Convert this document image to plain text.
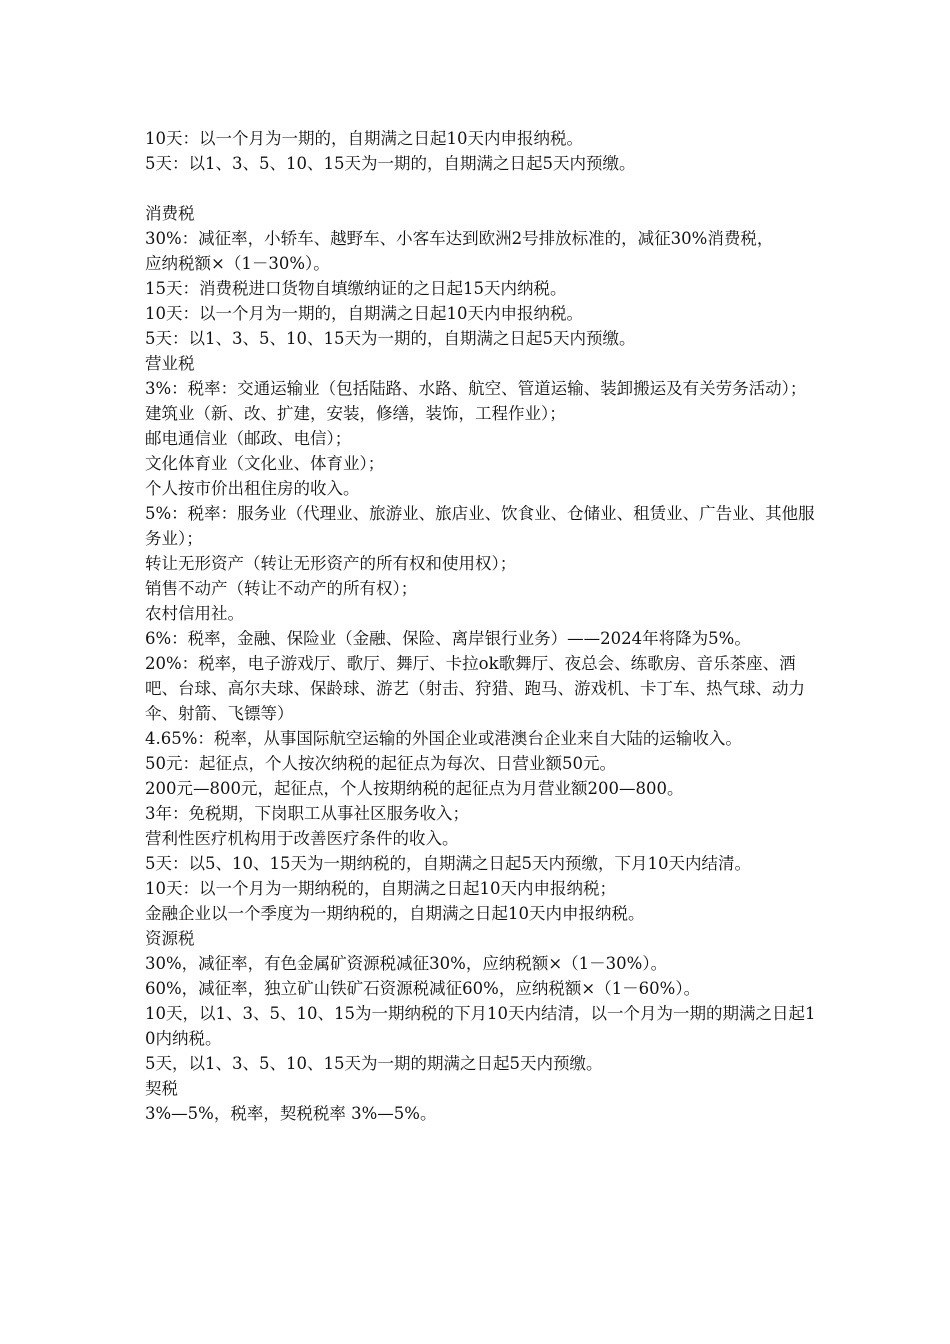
10天：以一个月为一期的，自期满之日起10天内申报纳税。

5天：以1、3、5、10、15天为一期的，自期满之日起5天内预缴。

消费税

30%：减征率，小轿车、越野车、小客车达到欧洲2号排放标准的，减征30%消费税，

应纳税额×（1－30%）。

15天：消费税进口货物自填缴纳证的之日起15天内纳税。

10天：以一个月为一期的，自期满之日起10天内申报纳税。

5天：以1、3、5、10、15天为一期的，自期满之日起5天内预缴。

营业税

3%：税率：交通运输业（包括陆路、水路、航空、管道运输、装卸搬运及有关劳务活动）；

建筑业（新、改、扩建，安装，修缮，装饰，工程作业）；

邮电通信业（邮政、电信）；

文化体育业（文化业、体育业）；

个人按市价出租住房的收入。

5%：税率：服务业（代理业、旅游业、旅店业、饮食业、仓储业、租赁业、广告业、其他服务业）；

转让无形资产（转让无形资产的所有权和使用权）；

销售不动产（转让不动产的所有权）；

农村信用社。

6%：税率，金融、保险业（金融、保险、离岸银行业务）——2024年将降为5%。

20%：税率，电子游戏厅、歌厅、舞厅、卡拉ok歌舞厅、夜总会、练歌房、音乐茶座、酒吧、台球、高尔夫球、保龄球、游艺（射击、狩猎、跑马、游戏机、卡丁车、热气球、动力伞、射箭、飞镖等）

4.65%：税率，从事国际航空运输的外国企业或港澳台企业来自大陆的运输收入。

50元：起征点，个人按次纳税的起征点为每次、日营业额50元。

200元—800元，起征点，个人按期纳税的起征点为月营业额200—800。

3年：免税期，下岗职工从事社区服务收入；

营利性医疗机构用于改善医疗条件的收入。

5天：以5、10、15天为一期纳税的，自期满之日起5天内预缴，下月10天内结清。

10天：以一个月为一期纳税的，自期满之日起10天内申报纳税；

金融企业以一个季度为一期纳税的，自期满之日起10天内申报纳税。

资源税

30%，减征率，有色金属矿资源税减征30%，应纳税额×（1－30%）。

60%，减征率，独立矿山铁矿石资源税减征60%，应纳税额×（1－60%）。

10天，以1、3、5、10、15为一期纳税的下月10天内结清，以一个月为一期的期满之日起10内纳税。

5天，以1、3、5、10、15天为一期的期满之日起5天内预缴。

契税

3%—5%，税率，契税税率 3%—5%。
